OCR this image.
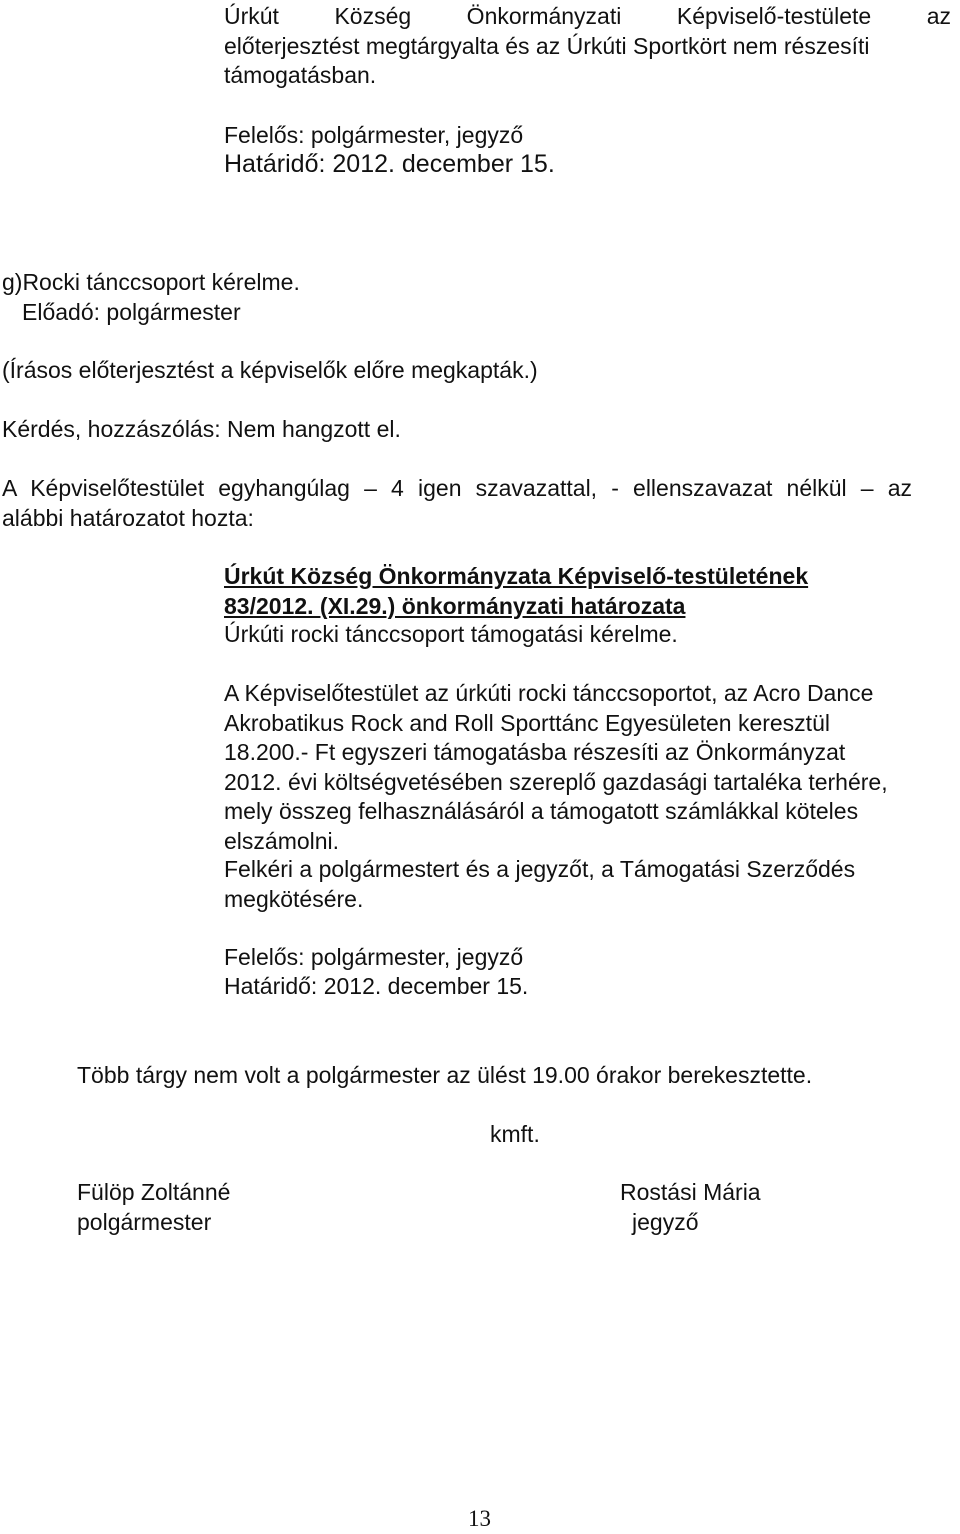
Úrkút Község Önkormányzati Képviselő-testülete az
előterjesztést megtárgyalta és az Úrkúti Sportkört nem részesíti
támogatásban.
Felelős: polgármester, jegyző
Határidő: 2012. december 15.
g)Rocki tánccsoport kérelme.
Előadó: polgármester
(Írásos előterjesztést a képviselők előre megkapták.)
Kérdés, hozzászólás: Nem hangzott el.
A Képviselőtestület egyhangúlag – 4 igen szavazattal, - ellenszavazat nélkül – az
alábbi határozatot hozta:
Úrkút Község Önkormányzata Képviselő-testületének
83/2012. (XI.29.) önkormányzati határozata
Úrkúti rocki tánccsoport támogatási kérelme.
A Képviselőtestület az úrkúti rocki tánccsoportot, az Acro Dance
Akrobatikus Rock and Roll Sporttánc Egyesületen keresztül
18.200.- Ft egyszeri támogatásba részesíti az Önkormányzat
2012. évi költségvetésében szereplő gazdasági tartaléka terhére,
mely összeg felhasználásáról a támogatott számlákkal köteles
elszámolni.
Felkéri a polgármestert és a jegyzőt, a Támogatási Szerződés
megkötésére.
Felelős: polgármester, jegyző
Határidő: 2012. december 15.
Több tárgy nem volt a polgármester az ülést 19.00 órakor berekesztette.
kmft.
Fülöp Zoltánné
polgármester
Rostási Mária
jegyző
13
